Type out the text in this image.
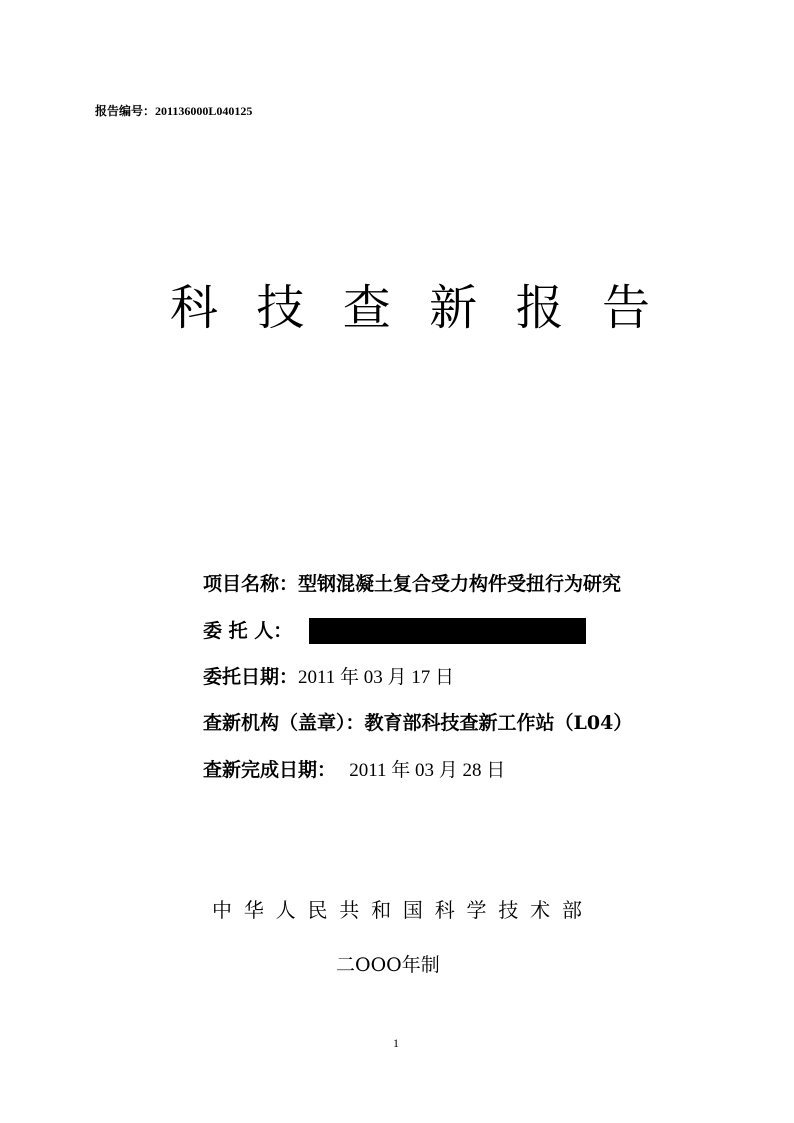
报告编号：201136000L040125
科 技 查 新 报 告
项目名称：型钢混凝土复合受力构件受扭行为研究
委 托 人：
委托日期：2011 年 03 月 17 日
查新机构（盖章）：教育部科技查新工作站（L04）
查新完成日期： 2011 年 03 月 28 日
中 华 人 民 共 和 国 科 学 技 术 部
二OOO年制
1
